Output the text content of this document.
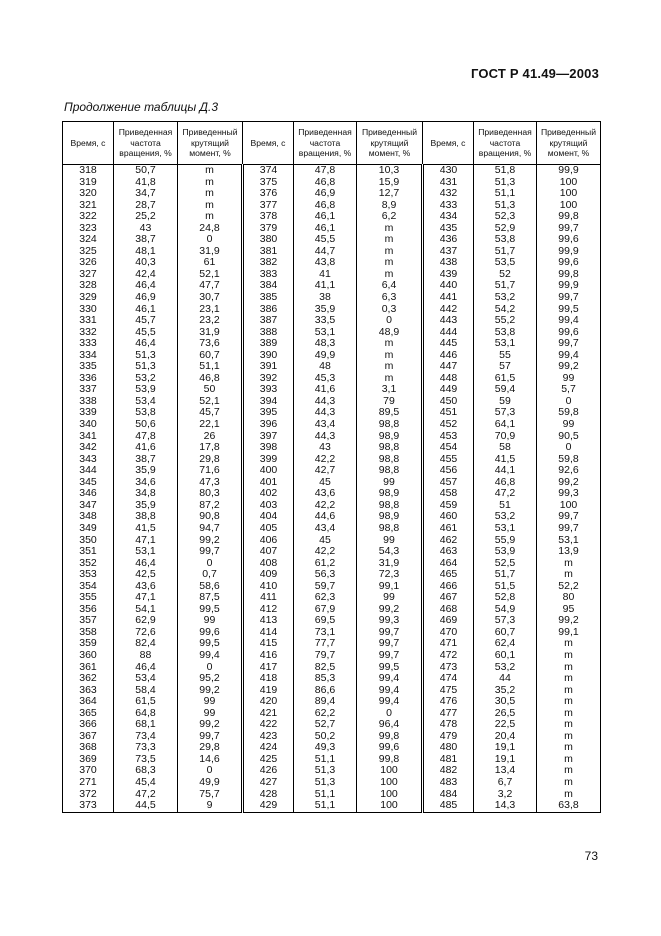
ГОСТ Р 41.49—2003
Продолжение таблицы Д.3
Время, с	Приведенная частота вращения, %	Приведенный крутящий момент, %	Время, с	Приведенная частота вращения, %	Приведенный крутящий момент, %	Время, с	Приведенная частота вращения, %	Приведенный крутящий момент, %
318	50,7	m	374	47,8	10,3	430	51,8	99,9
319	41,8	m	375	46,8	15,9	431	51,3	100
320	34,7	m	376	46,9	12,7	432	51,1	100
321	28,7	m	377	46,8	8,9	433	51,3	100
322	25,2	m	378	46,1	6,2	434	52,3	99,8
323	43	24,8	379	46,1	m	435	52,9	99,7
324	38,7	0	380	45,5	m	436	53,8	99,6
325	48,1	31,9	381	44,7	m	437	51,7	99,9
326	40,3	61	382	43,8	m	438	53,5	99,6
327	42,4	52,1	383	41	m	439	52	99,8
328	46,4	47,7	384	41,1	6,4	440	51,7	99,9
329	46,9	30,7	385	38	6,3	441	53,2	99,7
330	46,1	23,1	386	35,9	0,3	442	54,2	99,5
331	45,7	23,2	387	33,5	0	443	55,2	99,4
332	45,5	31,9	388	53,1	48,9	444	53,8	99,6
333	46,4	73,6	389	48,3	m	445	53,1	99,7
334	51,3	60,7	390	49,9	m	446	55	99,4
335	51,3	51,1	391	48	m	447	57	99,2
336	53,2	46,8	392	45,3	m	448	61,5	99
337	53,9	50	393	41,6	3,1	449	59,4	5,7
338	53,4	52,1	394	44,3	79	450	59	0
339	53,8	45,7	395	44,3	89,5	451	57,3	59,8
340	50,6	22,1	396	43,4	98,8	452	64,1	99
341	47,8	26	397	44,3	98,9	453	70,9	90,5
342	41,6	17,8	398	43	98,8	454	58	0
343	38,7	29,8	399	42,2	98,8	455	41,5	59,8
344	35,9	71,6	400	42,7	98,8	456	44,1	92,6
345	34,6	47,3	401	45	99	457	46,8	99,2
346	34,8	80,3	402	43,6	98,9	458	47,2	99,3
347	35,9	87,2	403	42,2	98,8	459	51	100
348	38,8	90,8	404	44,6	98,9	460	53,2	99,7
349	41,5	94,7	405	43,4	98,8	461	53,1	99,7
350	47,1	99,2	406	45	99	462	55,9	53,1
351	53,1	99,7	407	42,2	54,3	463	53,9	13,9
352	46,4	0	408	61,2	31,9	464	52,5	m
353	42,5	0,7	409	56,3	72,3	465	51,7	m
354	43,6	58,6	410	59,7	99,1	466	51,5	52,2
355	47,1	87,5	411	62,3	99	467	52,8	80
356	54,1	99,5	412	67,9	99,2	468	54,9	95
357	62,9	99	413	69,5	99,3	469	57,3	99,2
358	72,6	99,6	414	73,1	99,7	470	60,7	99,1
359	82,4	99,5	415	77,7	99,7	471	62,4	m
360	88	99,4	416	79,7	99,7	472	60,1	m
361	46,4	0	417	82,5	99,5	473	53,2	m
362	53,4	95,2	418	85,3	99,4	474	44	m
363	58,4	99,2	419	86,6	99,4	475	35,2	m
364	61,5	99	420	89,4	99,4	476	30,5	m
365	64,8	99	421	62,2	0	477	26,5	m
366	68,1	99,2	422	52,7	96,4	478	22,5	m
367	73,4	99,7	423	50,2	99,8	479	20,4	m
368	73,3	29,8	424	49,3	99,6	480	19,1	m
369	73,5	14,6	425	51,1	99,8	481	19,1	m
370	68,3	0	426	51,3	100	482	13,4	m
271	45,4	49,9	427	51,3	100	483	6,7	m
372	47,2	75,7	428	51,1	100	484	3,2	m
373	44,5	9	429	51,1	100	485	14,3	63,8
73
